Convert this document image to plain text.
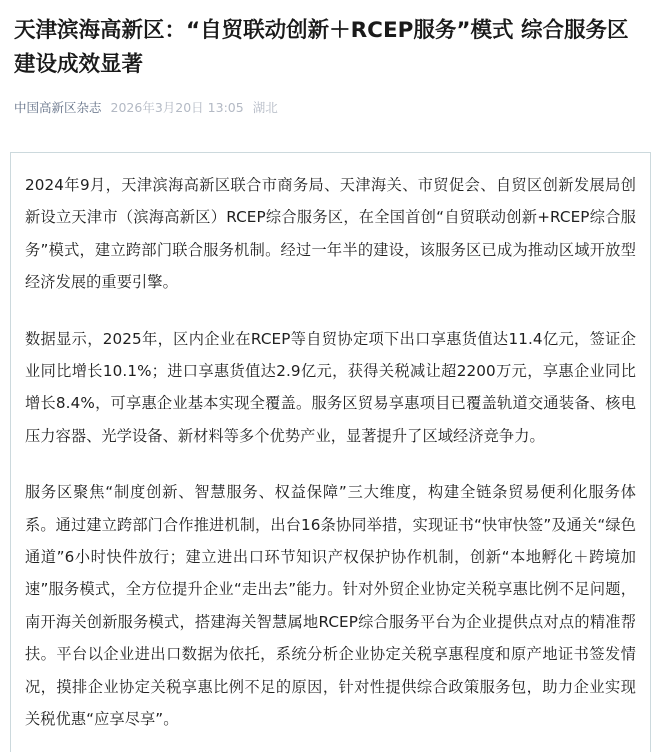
天津滨海高新区：“自贸联动创新＋RCEP服务”模式 综合服务区建设成效显著
中国高新区杂志 2026年3月20日 13:05 湖北

2024年9月，天津滨海高新区联合市商务局、天津海关、市贸促会、自贸区创新发展局创新设立天津市（滨海高新区）RCEP综合服务区，在全国首创“自贸联动创新+RCEP综合服务”模式，建立跨部门联合服务机制。经过一年半的建设，该服务区已成为推动区域开放型经济发展的重要引擎。

数据显示，2025年，区内企业在RCEP等自贸协定项下出口享惠货值达11.4亿元，签证企业同比增长10.1%；进口享惠货值达2.9亿元，获得关税减让超2200万元，享惠企业同比增长8.4%，可享惠企业基本实现全覆盖。服务区贸易享惠项目已覆盖轨道交通装备、核电压力容器、光学设备、新材料等多个优势产业，显著提升了区域经济竞争力。

服务区聚焦“制度创新、智慧服务、权益保障”三大维度，构建全链条贸易便利化服务体系。通过建立跨部门合作推进机制，出台16条协同举措，实现证书“快审快签”及通关“绿色通道”6小时快件放行；建立进出口环节知识产权保护协作机制，创新“本地孵化＋跨境加速”服务模式，全方位提升企业“走出去”能力。针对外贸企业协定关税享惠比例不足问题，南开海关创新服务模式，搭建海关智慧属地RCEP综合服务平台为企业提供点对点的精准帮扶。平台以企业进出口数据为依托，系统分析企业协定关税享惠程度和原产地证书签发情况，摸排企业协定关税享惠比例不足的原因，针对性提供综合政策服务包，助力企业实现关税优惠“应享尽享”。
